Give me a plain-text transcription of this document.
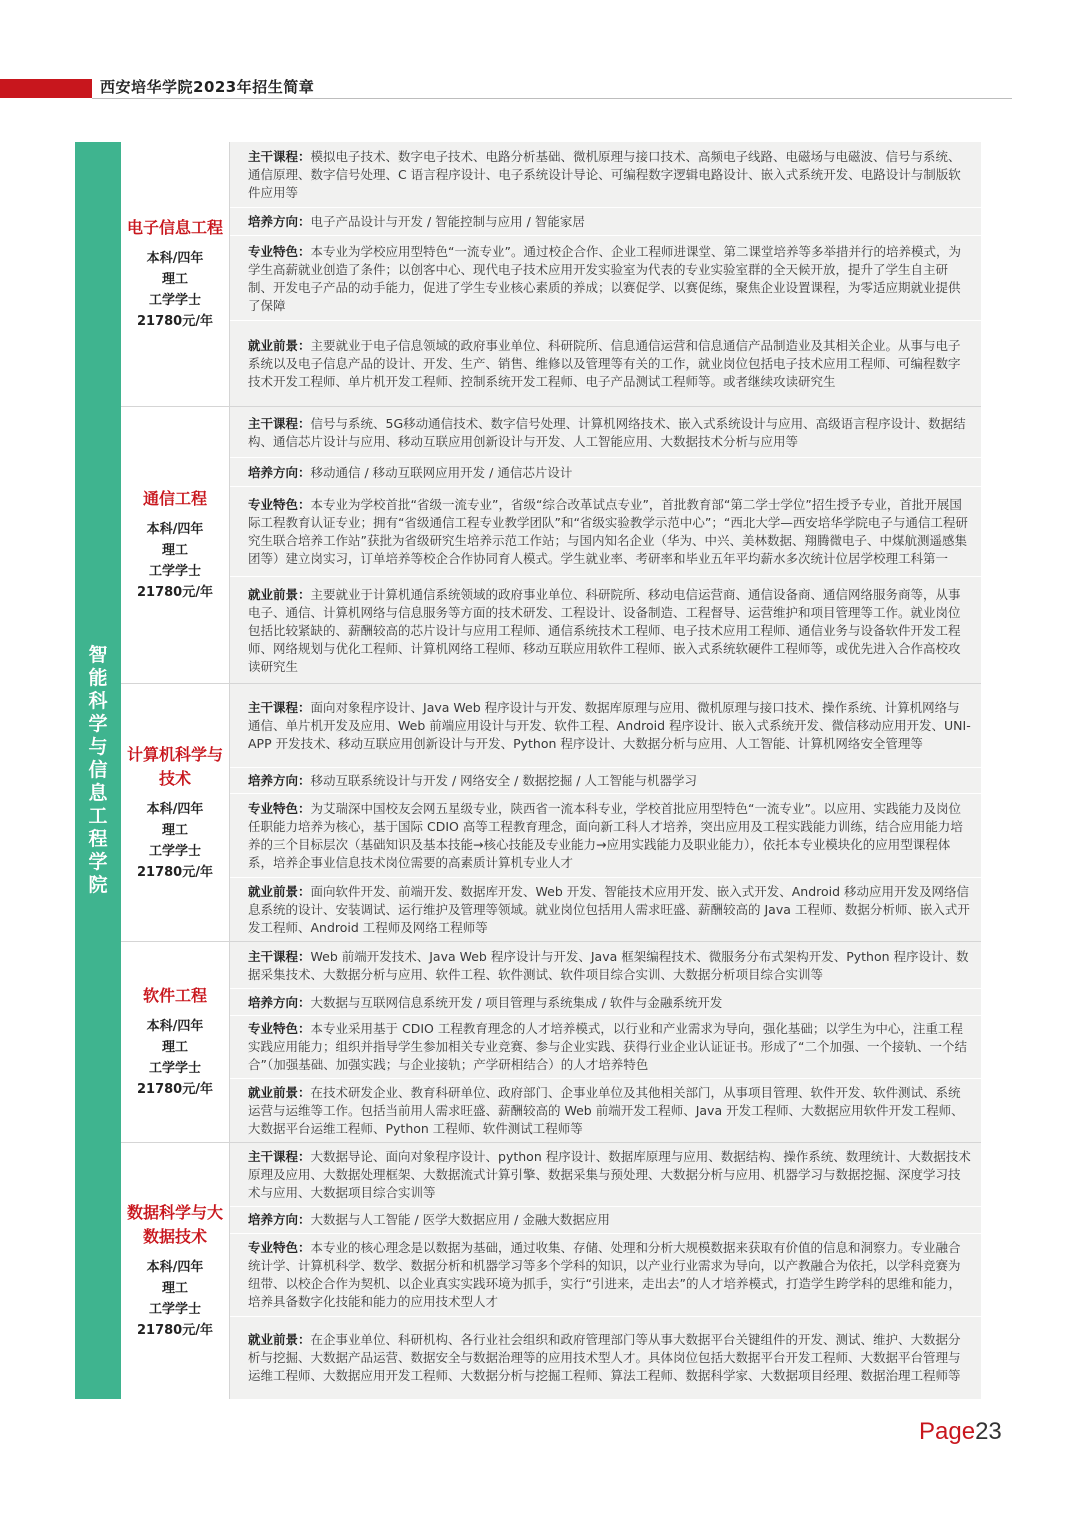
西安培华学院2023年招生简章
智
能
科
学
与
信
息
工
程
学
院
电子信息工程
本科/四年
理工
工学学士
21780元/年

主干课程：模拟电子技术、数字电子技术、电路分析基础、微机原理与接口技术、高频电子线路、电磁场与电磁波、信号与系统、通信原理、数字信号处理、C 语言程序设计、电子系统设计导论、可编程数字逻辑电路设计、嵌入式系统开发、电路设计与制版软件应用等

培养方向：电子产品设计与开发 / 智能控制与应用 / 智能家居

专业特色：本专业为学校应用型特色“一流专业”。通过校企合作、企业工程师进课堂、第二课堂培养等多举措并行的培养模式，为学生高薪就业创造了条件；以创客中心、现代电子技术应用开发实验室为代表的专业实验室群的全天候开放，提升了学生自主研制、开发电子产品的动手能力，促进了学生专业核心素质的养成；以赛促学、以赛促练，聚焦企业设置课程，为零适应期就业提供了保障

就业前景：主要就业于电子信息领域的政府事业单位、科研院所、信息通信运营和信息通信产品制造业及其相关企业。从事与电子系统以及电子信息产品的设计、开发、生产、销售、维修以及管理等有关的工作，就业岗位包括电子技术应用工程师、可编程数字技术开发工程师、单片机开发工程师、控制系统开发工程师、电子产品测试工程师等。或者继续攻读研究生

通信工程
本科/四年
理工
工学学士
21780元/年

主干课程：信号与系统、5G移动通信技术、数字信号处理、计算机网络技术、嵌入式系统设计与应用、高级语言程序设计、数据结构、通信芯片设计与应用、移动互联应用创新设计与开发、人工智能应用、大数据技术分析与应用等

培养方向：移动通信 / 移动互联网应用开发 / 通信芯片设计

专业特色：本专业为学校首批“省级一流专业”，省级“综合改革试点专业”，首批教育部“第二学士学位”招生授予专业，首批开展国际工程教育认证专业；拥有“省级通信工程专业教学团队”和“省级实验教学示范中心”；“西北大学—西安培华学院电子与通信工程研究生联合培养工作站”获批为省级研究生培养示范工作站；与国内知名企业（华为、中兴、美林数据、翔腾微电子、中煤航测遥感集团等）建立岗实习，订单培养等校企合作协同育人模式。学生就业率、考研率和毕业五年平均薪水多次统计位居学校理工科第一

就业前景：主要就业于计算机通信系统领域的政府事业单位、科研院所、移动电信运营商、通信设备商、通信网络服务商等，从事电子、通信、计算机网络与信息服务等方面的技术研发、工程设计、设备制造、工程督导、运营维护和项目管理等工作。就业岗位包括比较紧缺的、薪酬较高的芯片设计与应用工程师、通信系统技术工程师、电子技术应用工程师、通信业务与设备软件开发工程师、网络规划与优化工程师、计算机网络工程师、移动互联应用软件工程师、嵌入式系统软硬件工程师等，或优先进入合作高校攻读研究生

计算机科学与技术
本科/四年
理工
工学学士
21780元/年

主干课程：面向对象程序设计、Java Web 程序设计与开发、数据库原理与应用、微机原理与接口技术、操作系统、计算机网络与通信、单片机开发及应用、Web 前端应用设计与开发、软件工程、Android 程序设计、嵌入式系统开发、微信移动应用开发、UNI-APP 开发技术、移动互联应用创新设计与开发、Python 程序设计、大数据分析与应用、人工智能、计算机网络安全管理等

培养方向：移动互联系统设计与开发 / 网络安全 / 数据挖掘 / 人工智能与机器学习

专业特色：为艾瑞深中国校友会网五星级专业，陕西省一流本科专业，学校首批应用型特色“一流专业”。以应用、实践能力及岗位任职能力培养为核心，基于国际 CDIO 高等工程教育理念，面向新工科人才培养，突出应用及工程实践能力训练，结合应用能力培养的三个目标层次（基础知识及基本技能→核心技能及专业能力→应用实践能力及职业能力），依托本专业模块化的应用型课程体系，培养企事业信息技术岗位需要的高素质计算机专业人才

就业前景：面向软件开发、前端开发、数据库开发、Web 开发、智能技术应用开发、嵌入式开发、Android 移动应用开发及网络信息系统的设计、安装调试、运行维护及管理等领域。就业岗位包括用人需求旺盛、薪酬较高的 Java 工程师、数据分析师、嵌入式开发工程师、Android 工程师及网络工程师等

软件工程
本科/四年
理工
工学学士
21780元/年

主干课程：Web 前端开发技术、Java Web 程序设计与开发、Java 框架编程技术、微服务分布式架构开发、Python 程序设计、数据采集技术、大数据分析与应用、软件工程、软件测试、软件项目综合实训、大数据分析项目综合实训等

培养方向：大数据与互联网信息系统开发 / 项目管理与系统集成 / 软件与金融系统开发

专业特色：本专业采用基于 CDIO 工程教育理念的人才培养模式，以行业和产业需求为导向，强化基础；以学生为中心，注重工程实践应用能力；组织并指导学生参加相关专业竞赛、参与企业实践、获得行业企业认证证书。形成了“二个加强、一个接轨、一个结合”（加强基础、加强实践；与企业接轨；产学研相结合）的人才培养特色

就业前景：在技术研发企业、教育科研单位、政府部门、企事业单位及其他相关部门，从事项目管理、软件开发、软件测试、系统运营与运维等工作。包括当前用人需求旺盛、薪酬较高的 Web 前端开发工程师、Java 开发工程师、大数据应用软件开发工程师、大数据平台运维工程师、Python 工程师、软件测试工程师等

数据科学与大数据技术
本科/四年
理工
工学学士
21780元/年

主干课程：大数据导论、面向对象程序设计、python 程序设计、数据库原理与应用、数据结构、操作系统、数理统计、大数据技术原理及应用、大数据处理框架、大数据流式计算引擎、数据采集与预处理、大数据分析与应用、机器学习与数据挖掘、深度学习技术与应用、大数据项目综合实训等

培养方向：大数据与人工智能 / 医学大数据应用 / 金融大数据应用

专业特色：本专业的核心理念是以数据为基础，通过收集、存储、处理和分析大规模数据来获取有价值的信息和洞察力。专业融合统计学、计算机科学、数学、数据分析和机器学习等多个学科的知识，以产业行业需求为导向，以产教融合为依托，以学科竞赛为纽带、以校企合作为契机、以企业真实实践环境为抓手，实行“引进来，走出去”的人才培养模式，打造学生跨学科的思维和能力，培养具备数字化技能和能力的应用技术型人才

就业前景：在企事业单位、科研机构、各行业社会组织和政府管理部门等从事大数据平台关键组件的开发、测试、维护、大数据分析与挖掘、大数据产品运营、数据安全与数据治理等的应用技术型人才。具体岗位包括大数据平台开发工程师、大数据平台管理与运维工程师、大数据应用开发工程师、大数据分析与挖掘工程师、算法工程师、数据科学家、大数据项目经理、数据治理工程师等

Page23
